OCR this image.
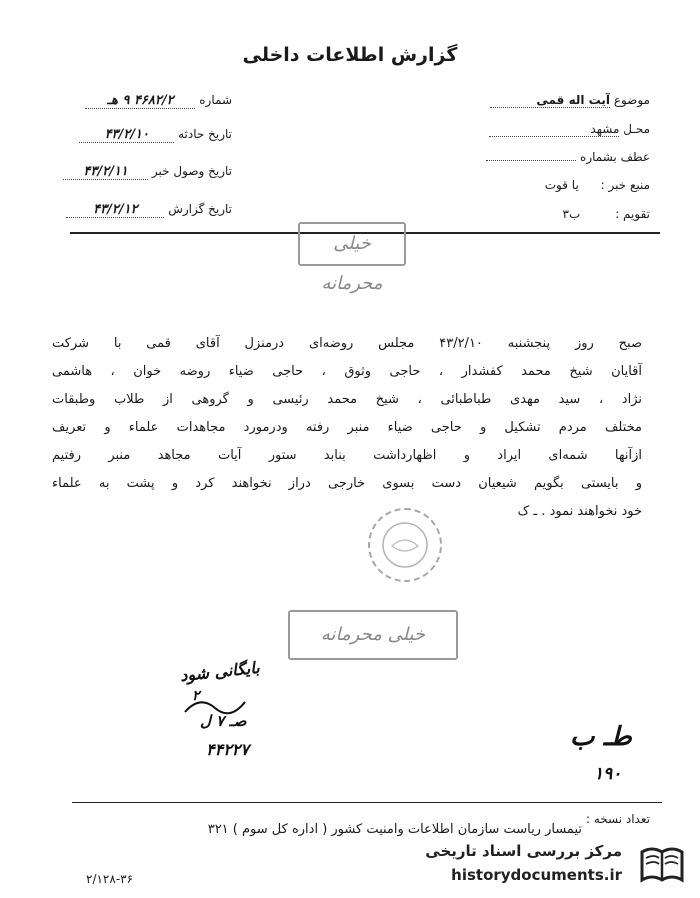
گزارش اطلاعات داخلی
موضوع آیت اله قمی
محـل مشهد
عطف بشماره
منبع خبر : یا قوت
تقویم : ب۳
شماره ۴۶۸۲/۲ ۹ هـ
تاریخ حادثه ۴۳/۲/۱۰
تاریخ وصول خبر ۴۳/۲/۱۱
تاریخ گزارش ۴۳/۲/۱۲
خیلی محرمانه
صبح روز پنجشنبه ۴۳/۲/۱۰ مجلس روضه‌ای درمنزل آقای قمی با شرکت
آقایان شیخ محمد کفشدار ، حاجی وثوق ، حاجی ضیاء روضه خوان ، هاشمی
نژاد ، سید مهدی طباطبائی ، شیخ محمد رئیسی و گروهی از طلاب وطبقات
مختلف مردم تشکیل و حاجی ضیاء منبر رفته ودرمورد مجاهدات علماء و تعریف
ازآنها شمه‌ای ایراد و اظهارداشت بنابد ستور آیات مجاهد منبر رفتیم
و بایستی بگویم شیعیان دست بسوی خارجی دراز نخواهند کرد و پشت به علماء
خود نخواهند نمود . ـ ک
خیلی محرمانه
بایگانی شود
۲
صـ ۷ ل
۴۴۲۲۷	طـ ب
۱۹۰
تعداد نسخه :
تیمسار ریاست سازمان اطلاعات وامنیت کشور ( اداره کل سوم ) ۳۲۱
۲/۱۲۸-۳۶
مرکز بررسی اسناد تاریخی
historydocuments.ir
